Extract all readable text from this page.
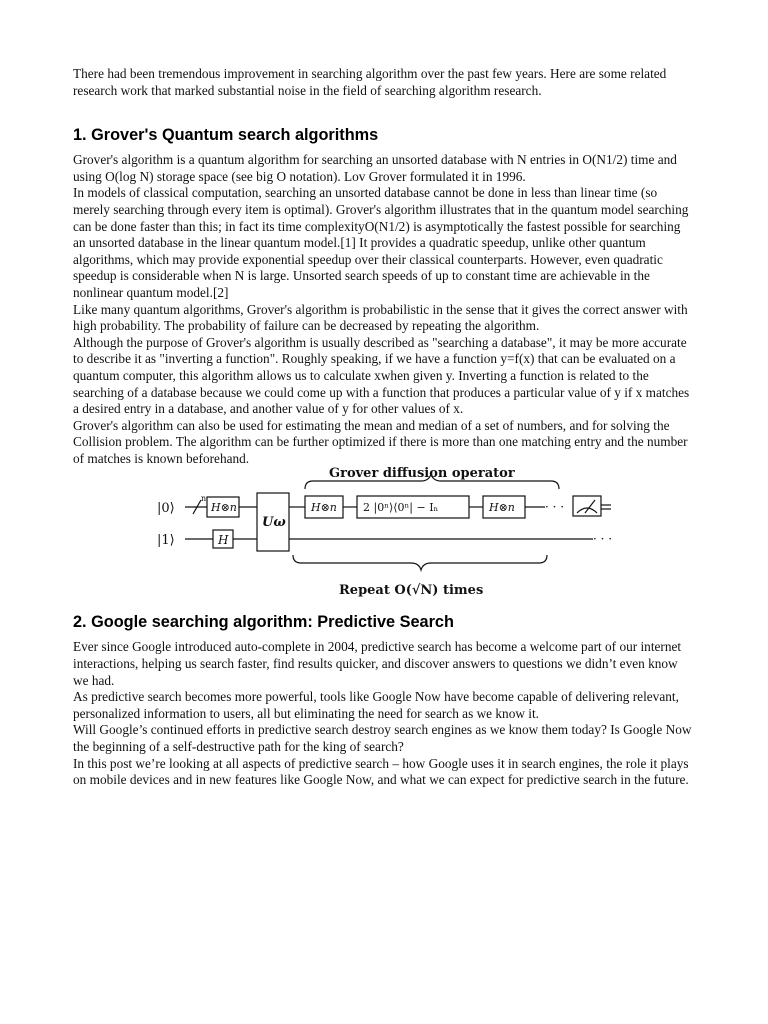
There had been tremendous improvement in searching algorithm over the past few years. Here are some related research work that marked substantial noise in the field of searching algorithm research.

1. Grover's Quantum search algorithms

Grover's algorithm is a quantum algorithm for searching an unsorted database with N entries in O(N1/2) time and using O(log N) storage space (see big O notation). Lov Grover formulated it in 1996.

In models of classical computation, searching an unsorted database cannot be done in less than linear time (so merely searching through every item is optimal). Grover's algorithm illustrates that in the quantum model searching can be done faster than this; in fact its time complexityO(N1/2) is asymptotically the fastest possible for searching an unsorted database in the linear quantum model.[1] It provides a quadratic speedup, unlike other quantum algorithms, which may provide exponential speedup over their classical counterparts. However, even quadratic speedup is considerable when N is large. Unsorted search speeds of up to constant time are achievable in the nonlinear quantum model.[2]

Like many quantum algorithms, Grover's algorithm is probabilistic in the sense that it gives the correct answer with high probability. The probability of failure can be decreased by repeating the algorithm.

Although the purpose of Grover's algorithm is usually described as "searching a database", it may be more accurate to describe it as "inverting a function". Roughly speaking, if we have a function y=f(x) that can be evaluated on a quantum computer, this algorithm allows us to calculate xwhen given y. Inverting a function is related to the searching of a database because we could come up with a function that produces a particular value of y if x matches a desired entry in a database, and another value of y for other values of x.

Grover's algorithm can also be used for estimating the mean and median of a set of numbers, and for solving the Collision problem. The algorithm can be further optimized if there is more than one matching entry and the number of matches is known beforehand.

Grover diffusion operator
Repeat O(√N) times
|0⟩
|1⟩
n
H⊗n
H
Uω
H⊗n 2 |0ⁿ⟩⟨0ⁿ| − Iₙ	H⊗n	· · ·
· · ·
2. Google searching algorithm: Predictive Search

Ever since Google introduced auto-complete in 2004, predictive search has become a welcome part of our internet interactions, helping us search faster, find results quicker, and discover answers to questions we didn’t even know we had.

As predictive search becomes more powerful, tools like Google Now have become capable of delivering relevant, personalized information to users, all but eliminating the need for search as we know it.

Will Google’s continued efforts in predictive search destroy search engines as we know them today? Is Google Now the beginning of a self-destructive path for the king of search?

In this post we’re looking at all aspects of predictive search – how Google uses it in search engines, the role it plays on mobile devices and in new features like Google Now, and what we can expect for predictive search in the future.
